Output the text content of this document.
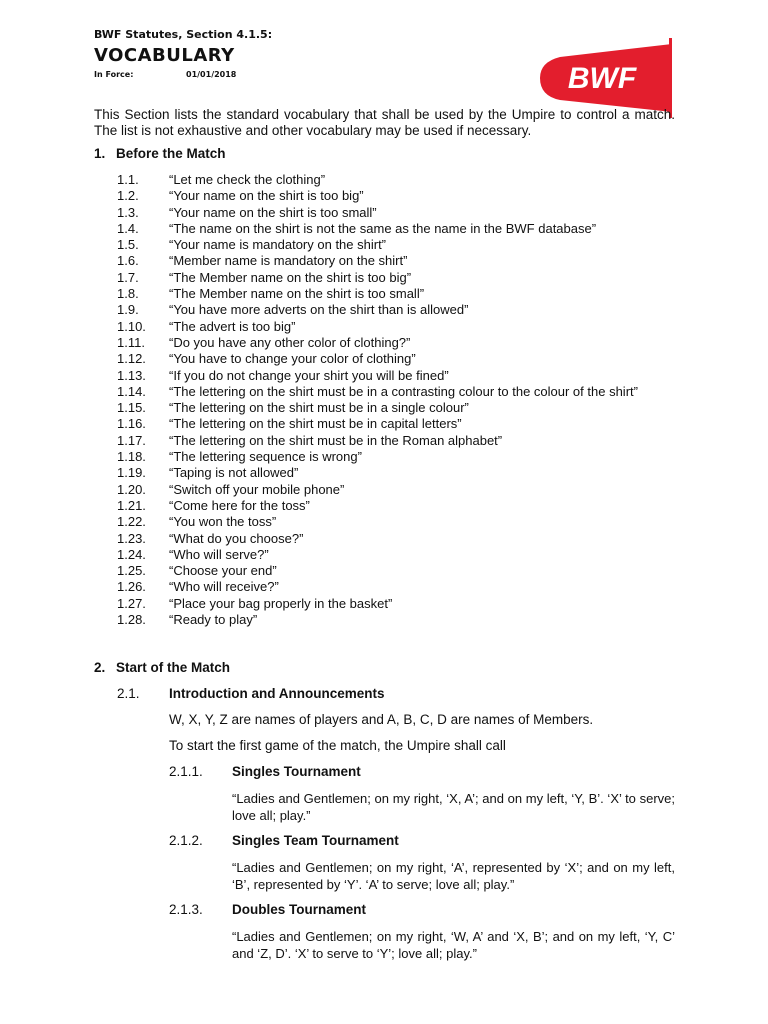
BWF Statutes, Section 4.1.5:
VOCABULARY
In Force:	01/01/2018	BWF
This Section lists the standard vocabulary that shall be used by the Umpire to control a match. The list is not exhaustive and other vocabulary may be used if necessary.
1. Before the Match
1.1. “Let me check the clothing”
1.2. “Your name on the shirt is too big”
1.3. “Your name on the shirt is too small”
1.4. “The name on the shirt is not the same as the name in the BWF database”
1.5. “Your name is mandatory on the shirt”
1.6. “Member name is mandatory on the shirt”
1.7. “The Member name on the shirt is too big”
1.8. “The Member name on the shirt is too small”
1.9. “You have more adverts on the shirt than is allowed”
1.10. “The advert is too big”
1.11. “Do you have any other color of clothing?”
1.12. “You have to change your color of clothing”
1.13. “If you do not change your shirt you will be fined”
1.14. “The lettering on the shirt must be in a contrasting colour to the colour of the shirt”
1.15. “The lettering on the shirt must be in a single colour”
1.16. “The lettering on the shirt must be in capital letters”
1.17. “The lettering on the shirt must be in the Roman alphabet”
1.18. “The lettering sequence is wrong”
1.19. “Taping is not allowed”
1.20. “Switch off your mobile phone”
1.21. “Come here for the toss”
1.22. “You won the toss”
1.23. “What do you choose?”
1.24. “Who will serve?”
1.25. “Choose your end”
1.26. “Who will receive?”
1.27. “Place your bag properly in the basket”
1.28. “Ready to play”
2. Start of the Match
2.1. Introduction and Announcements
W, X, Y, Z are names of players and A, B, C, D are names of Members.
To start the first game of the match, the Umpire shall call
2.1.1. Singles Tournament
“Ladies and Gentlemen; on my right, ‘X, A’; and on my left, ‘Y, B’. ‘X’ to serve; love all; play.”
2.1.2. Singles Team Tournament
“Ladies and Gentlemen; on my right, ‘A’, represented by ‘X’; and on my left, ‘B’, represented by ‘Y’. ‘A’ to serve; love all; play.”
2.1.3. Doubles Tournament
“Ladies and Gentlemen; on my right, ‘W, A’ and ‘X, B’; and on my left, ‘Y, C’ and ‘Z, D’. ‘X’ to serve to ‘Y’; love all; play.”
